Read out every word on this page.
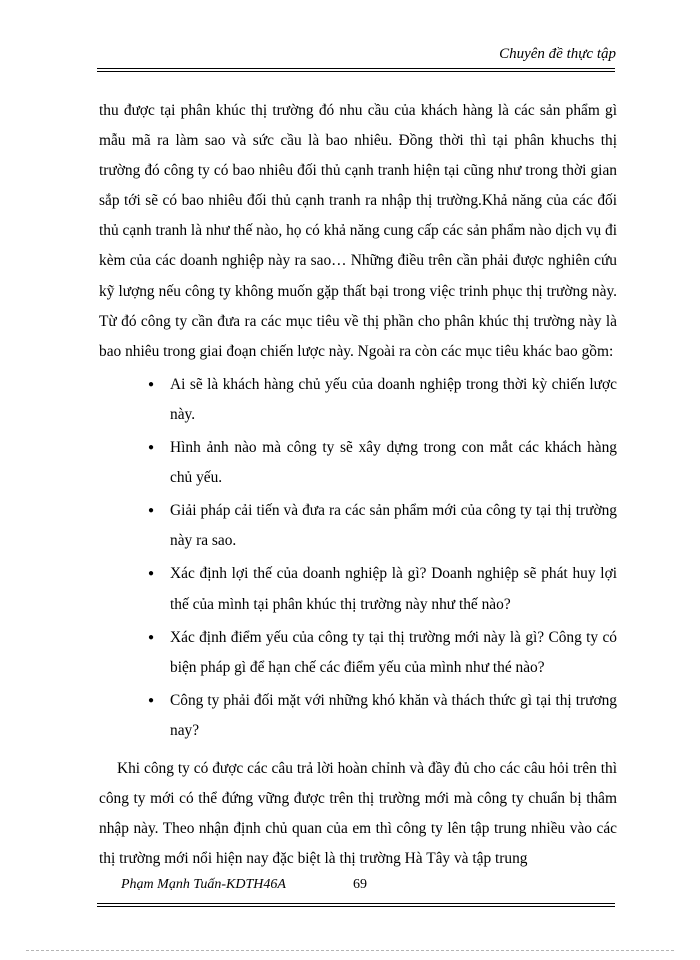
Chuyên đề thực tập

thu được tại phân khúc thị trường đó nhu cầu của khách hàng là các sản phẩm gì mẫu mã ra làm sao và sức cầu là bao nhiêu. Đồng thời thì tại phân khuchs thị trường đó công ty có bao nhiêu đối thủ cạnh tranh hiện tại cũng như trong thời gian sắp tới sẽ có bao nhiêu đối thủ cạnh tranh ra nhập thị trường.Khả năng của các đối thủ cạnh tranh là như thế nào, họ có khả năng cung cấp các sản phẩm nào dịch vụ đi kèm của các doanh nghiệp này ra sao… Những điều trên cần phải được nghiên cứu kỹ lượng nếu công ty không muốn gặp thất bại trong việc trinh phục thị trường này. Từ đó công ty cần đưa ra các mục tiêu về thị phần cho phân khúc thị trường này là bao nhiêu trong giai đoạn chiến lược này. Ngoài ra còn các mục tiêu khác bao gồm:

●	Ai sẽ là khách hàng chủ yếu của doanh nghiệp trong thời kỳ chiến lược này.
●	Hình ảnh nào mà công ty sẽ xây dựng trong con mắt các khách hàng chủ yếu.
●	Giải pháp cải tiến và đưa ra các sản phẩm mới của công ty tại thị trường này ra sao.
●	Xác định lợi thế của doanh nghiệp là gì? Doanh nghiệp sẽ phát huy lợi thế của mình tại phân khúc thị trường này như thế nào?
●	Xác định điểm yếu của công ty tại thị trường mới này là gì? Công ty có biện pháp gì để hạn chế các điểm yếu của mình như thé nào?
●	Công ty phải đối mặt với những khó khăn và thách thức gì tại thị trương nay?

Khi công ty có được các câu trả lời hoàn chỉnh và đầy đủ cho các câu hỏi trên thì công ty mới có thể đứng vững được trên thị trường mới mà công ty chuẩn bị thâm nhập này. Theo nhận định chủ quan của em thì công ty lên tập trung nhiều vào các thị trường mới nổi hiện nay đặc biệt là thị trường Hà Tây và tập trung

Phạm Mạnh Tuấn-KDTH46A	69
